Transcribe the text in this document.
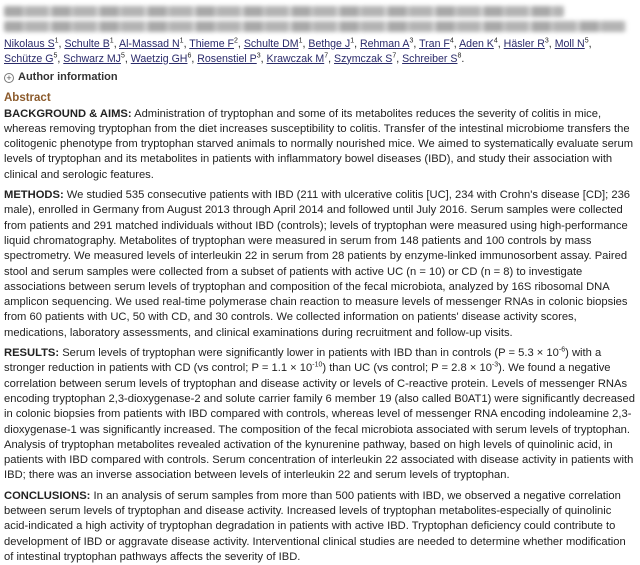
Nikolaus $S^1$, Schulte $B^1$, Al-Massad $N^1$, Thieme $F^2$, Schulte $DM^1$, Bethge $J^1$, Rehman $A^3$, Tran $F^4$, Aden $K^4$, Häsler $R^3$, Moll $N^5$, Schütze $G^5$, Schwarz $MJ^5$, Waetzig $GH^6$, Rosenstiel $P^3$, Krawczak $M^7$, Szymczak $S^7$, Schreiber $S^8$.
+ Author information
Abstract

BACKGROUND & AIMS: Administration of tryptophan and some of its metabolites reduces the severity of colitis in mice, whereas removing tryptophan from the diet increases susceptibility to colitis. Transfer of the intestinal microbiome transfers the colitogenic phenotype from tryptophan starved animals to normally nourished mice. We aimed to systematically evaluate serum levels of tryptophan and its metabolites in patients with inflammatory bowel diseases (IBD), and study their association with clinical and serologic features.

METHODS: We studied 535 consecutive patients with IBD (211 with ulcerative colitis [UC], 234 with Crohn's disease [CD]; 236 male), enrolled in Germany from August 2013 through April 2014 and followed until July 2016. Serum samples were collected from patients and 291 matched individuals without IBD (controls); levels of tryptophan were measured using high-performance liquid chromatography. Metabolites of tryptophan were measured in serum from 148 patients and 100 controls by mass spectrometry. We measured levels of interleukin 22 in serum from 28 patients by enzyme-linked immunosorbent assay. Paired stool and serum samples were collected from a subset of patients with active UC (n = 10) or CD (n = 8) to investigate associations between serum levels of tryptophan and composition of the fecal microbiota, analyzed by 16S ribosomal DNA amplicon sequencing. We used real-time polymerase chain reaction to measure levels of messenger RNAs in colonic biopsies from 60 patients with UC, 50 with CD, and 30 controls. We collected information on patients' disease activity scores, medications, laboratory assessments, and clinical examinations during recruitment and follow-up visits.

RESULTS: Serum levels of tryptophan were significantly lower in patients with IBD than in controls $(P = 5.3 \times 10^{-6})$ with a stronger reduction in patients with CD (vs control; $P = 1.1 \times 10^{-10}$) than UC (vs control; $P = 2.8 \times 10^{-3}$). We found a negative correlation between serum levels of tryptophan and disease activity or levels of C-reactive protein. Levels of messenger RNAs encoding tryptophan 2,3-dioxygenase-2 and solute carrier family 6 member 19 (also called B0AT1) were significantly decreased in colonic biopsies from patients with IBD compared with controls, whereas level of messenger RNA encoding indoleamine 2,3-dioxygenase-1 was significantly increased. The composition of the fecal microbiota associated with serum levels of tryptophan. Analysis of tryptophan metabolites revealed activation of the kynurenine pathway, based on high levels of quinolinic acid, in patients with IBD compared with controls. Serum concentration of interleukin 22 associated with disease activity in patients with IBD; there was an inverse association between levels of interleukin 22 and serum levels of tryptophan.

CONCLUSIONS: In an analysis of serum samples from more than 500 patients with IBD, we observed a negative correlation between serum levels of tryptophan and disease activity. Increased levels of tryptophan metabolites-especially of quinolinic acid-indicated a high activity of tryptophan degradation in patients with active IBD. Tryptophan deficiency could contribute to development of IBD or aggravate disease activity. Interventional clinical studies are needed to determine whether modification of intestinal tryptophan pathways affects the severity of IBD.
